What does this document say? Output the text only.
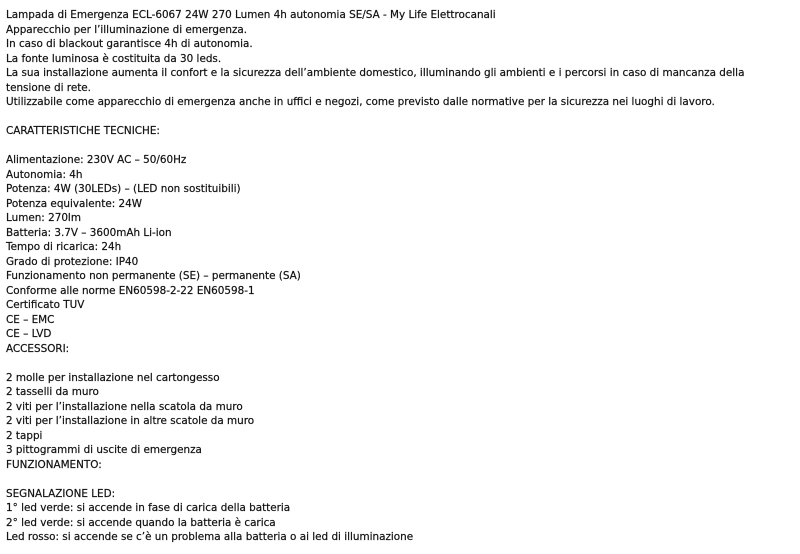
Lampada di Emergenza ECL-6067 24W 270 Lumen 4h autonomia SE/SA - My Life Elettrocanali
Apparecchio per l’illuminazione di emergenza.
In caso di blackout garantisce 4h di autonomia.
La fonte luminosa è costituita da 30 leds.
La sua installazione aumenta il confort e la sicurezza dell’ambiente domestico, illuminando gli ambienti e i percorsi in caso di mancanza della tensione di rete.
Utilizzabile come apparecchio di emergenza anche in uffici e negozi, come previsto dalle normative per la sicurezza nei luoghi di lavoro.
CARATTERISTICHE TECNICHE:
Alimentazione: 230V AC – 50/60Hz
Autonomia: 4h
Potenza: 4W (30LEDs) – (LED non sostituibili)
Potenza equivalente: 24W
Lumen: 270lm
Batteria: 3.7V – 3600mAh Li-ion
Tempo di ricarica: 24h
Grado di protezione: IP40
Funzionamento non permanente (SE) – permanente (SA)
Conforme alle norme EN60598-2-22 EN60598-1
Certificato TUV
CE – EMC
CE – LVD
ACCESSORI:
2 molle per installazione nel cartongesso
2 tasselli da muro
2 viti per l’installazione nella scatola da muro
2 viti per l’installazione in altre scatole da muro
2 tappi
3 pittogrammi di uscite di emergenza
FUNZIONAMENTO:
SEGNALAZIONE LED:
1° led verde: si accende in fase di carica della batteria
2° led verde: si accende quando la batteria è carica
Led rosso: si accende se c’è un problema alla batteria o ai led di illuminazione
